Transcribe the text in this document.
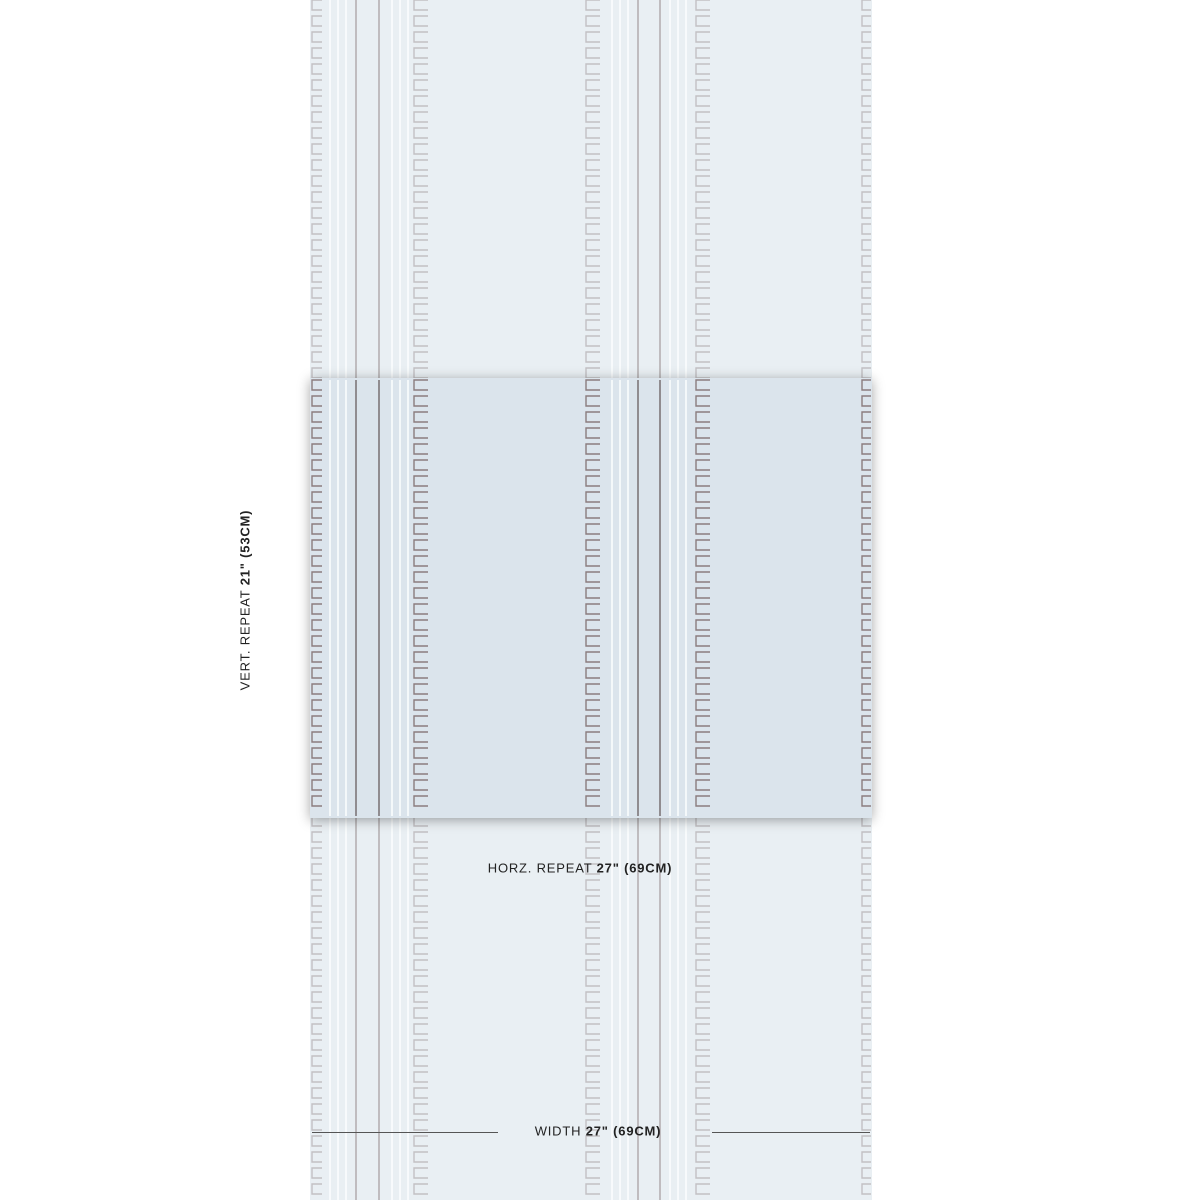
VERT. REPEAT 21" (53CM)
HORZ. REPEAT 27" (69CM)
WIDTH 27" (69CM)
